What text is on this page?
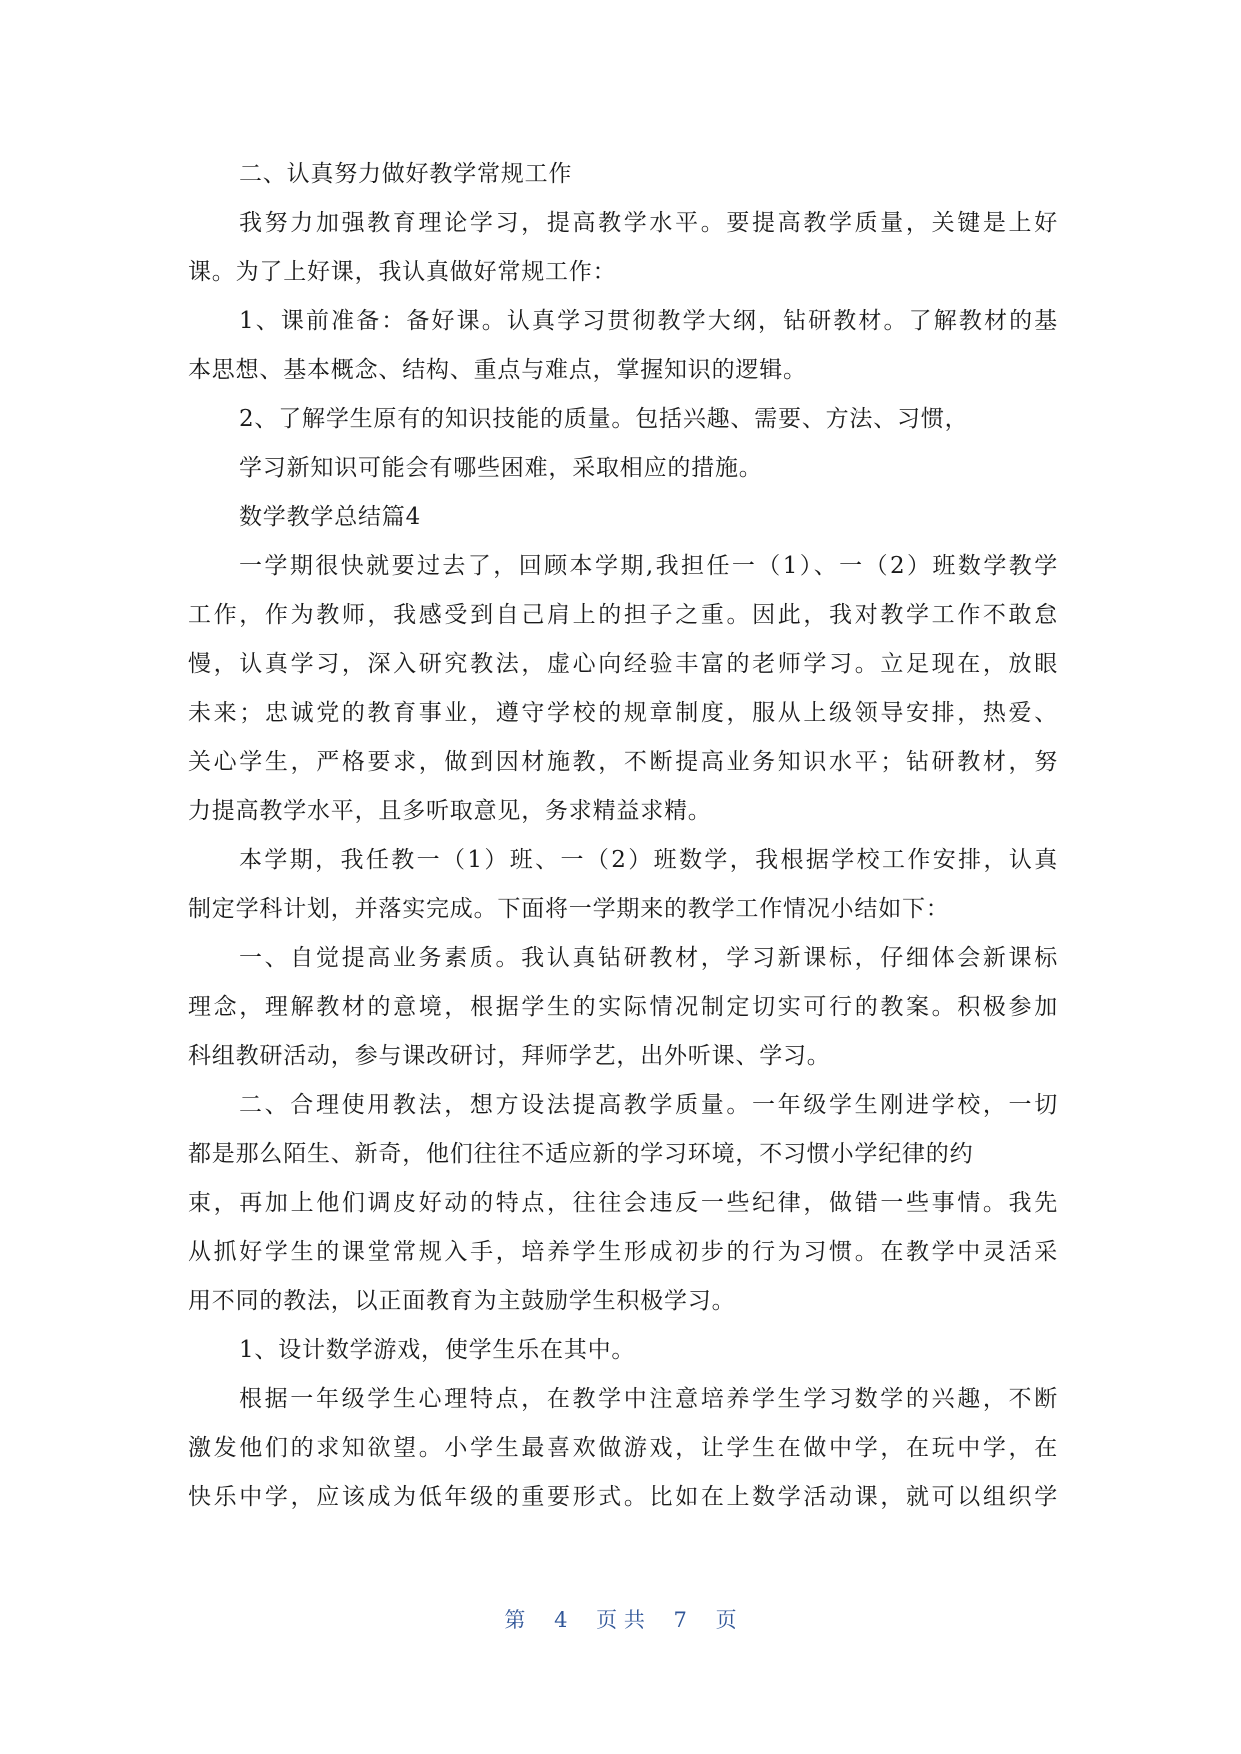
二、认真努力做好教学常规工作

我努力加强教育理论学习，提高教学水平。要提高教学质量，关键是上好

课。为了上好课，我认真做好常规工作：

1、课前准备：备好课。认真学习贯彻教学大纲，钻研教材。了解教材的基

本思想、基本概念、结构、重点与难点，掌握知识的逻辑。

2、了解学生原有的知识技能的质量。包括兴趣、需要、方法、习惯，

学习新知识可能会有哪些困难，采取相应的措施。

数学教学总结篇4

一学期很快就要过去了，回顾本学期,我担任一（1）、一（2）班数学教学

工作，作为教师，我感受到自己肩上的担子之重。因此，我对教学工作不敢怠

慢，认真学习，深入研究教法，虚心向经验丰富的老师学习。立足现在，放眼

未来；忠诚党的教育事业，遵守学校的规章制度，服从上级领导安排，热爱、

关心学生，严格要求，做到因材施教，不断提高业务知识水平；钻研教材，努

力提高教学水平，且多听取意见，务求精益求精。

本学期，我任教一（1）班、一（2）班数学，我根据学校工作安排，认真

制定学科计划，并落实完成。下面将一学期来的教学工作情况小结如下：

一、自觉提高业务素质。我认真钻研教材，学习新课标，仔细体会新课标

理念，理解教材的意境，根据学生的实际情况制定切实可行的教案。积极参加

科组教研活动，参与课改研讨，拜师学艺，出外听课、学习。

二、合理使用教法，想方设法提高教学质量。一年级学生刚进学校，一切

都是那么陌生、新奇，他们往往不适应新的学习环境，不习惯小学纪律的约

束，再加上他们调皮好动的特点，往往会违反一些纪律，做错一些事情。我先

从抓好学生的课堂常规入手，培养学生形成初步的行为习惯。在教学中灵活采

用不同的教法，以正面教育为主鼓励学生积极学习。

1、设计数学游戏，使学生乐在其中。

根据一年级学生心理特点，在教学中注意培养学生学习数学的兴趣，不断

激发他们的求知欲望。小学生最喜欢做游戏，让学生在做中学，在玩中学，在

快乐中学，应该成为低年级的重要形式。比如在上数学活动课，就可以组织学

第 4 页 共 7 页
